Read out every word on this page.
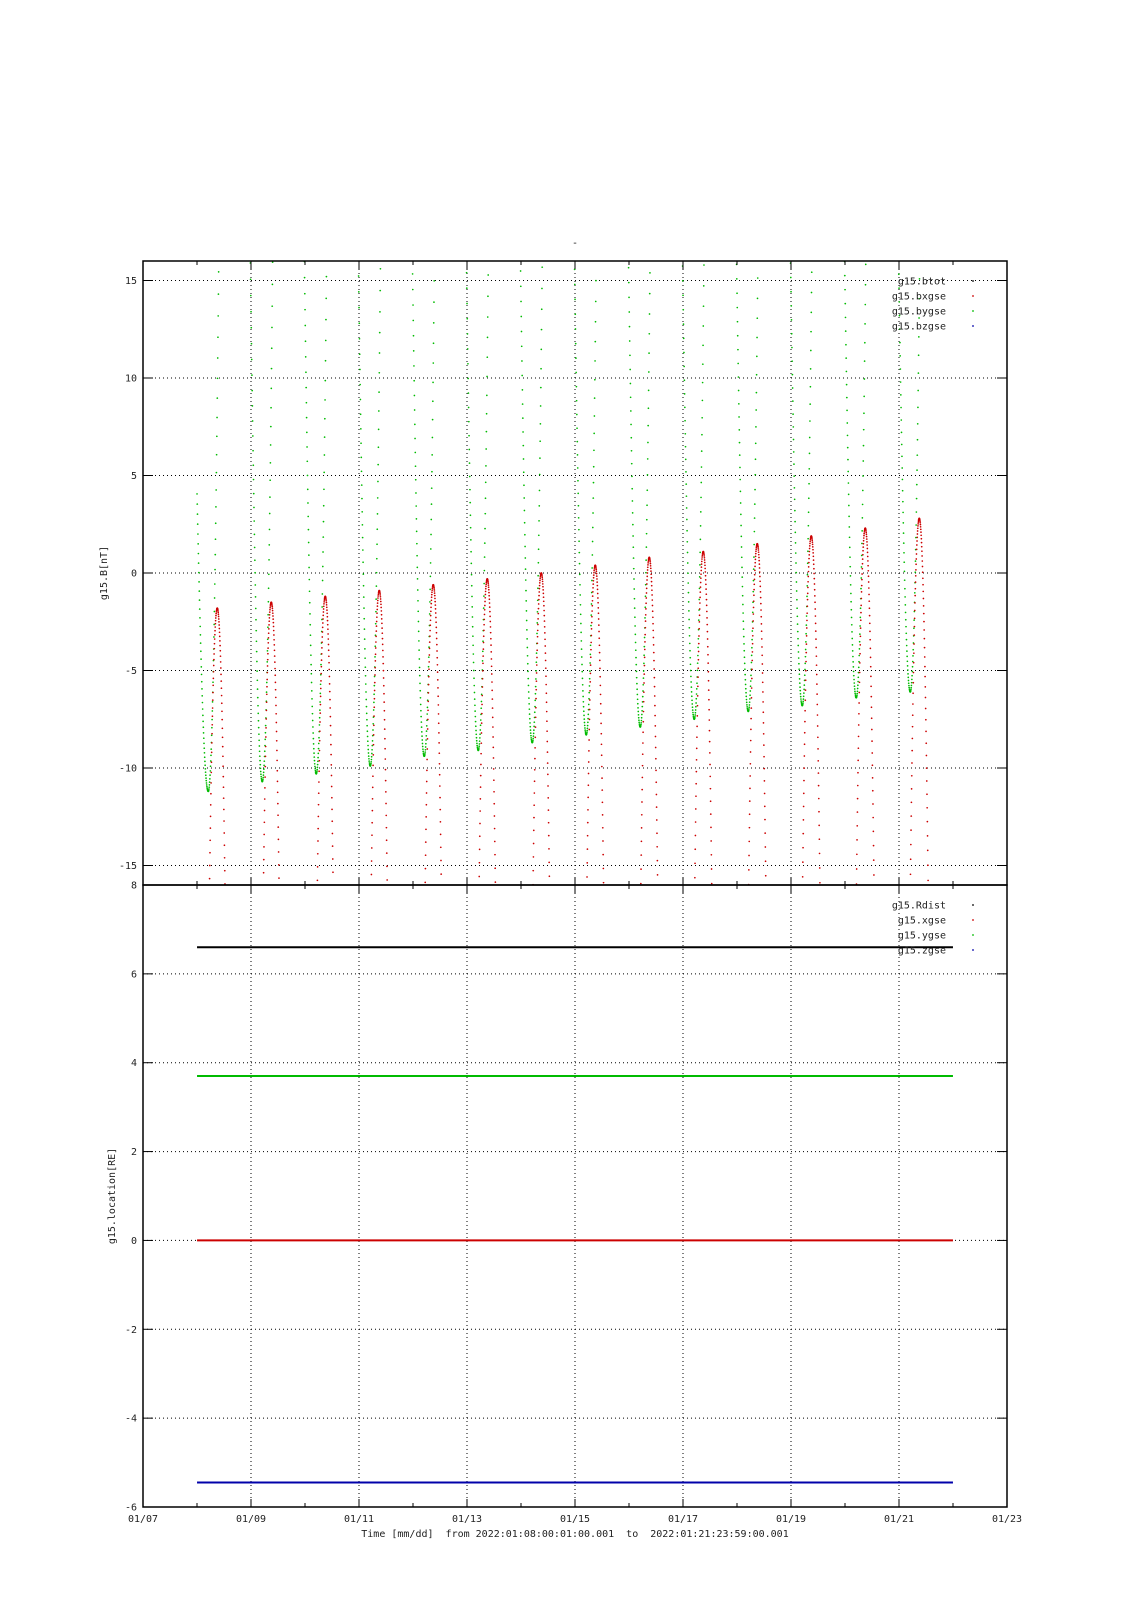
-
15
10
5
0
-5
-10
-15
g15.B[nT]
g15.btot
g15.bxgse
g15.bygse
g15.bzgse
8
6
4
2
0
-2
-4
-6
g15.location[RE]
g15.Rdist
g15.xgse
g15.ygse
g15.zgse
01/07	01/09	01/11	01/13	01/15	01/17	01/19	01/21	01/23
Time [mm/dd]  from 2022:01:08:00:01:00.001  to  2022:01:21:23:59:00.001
